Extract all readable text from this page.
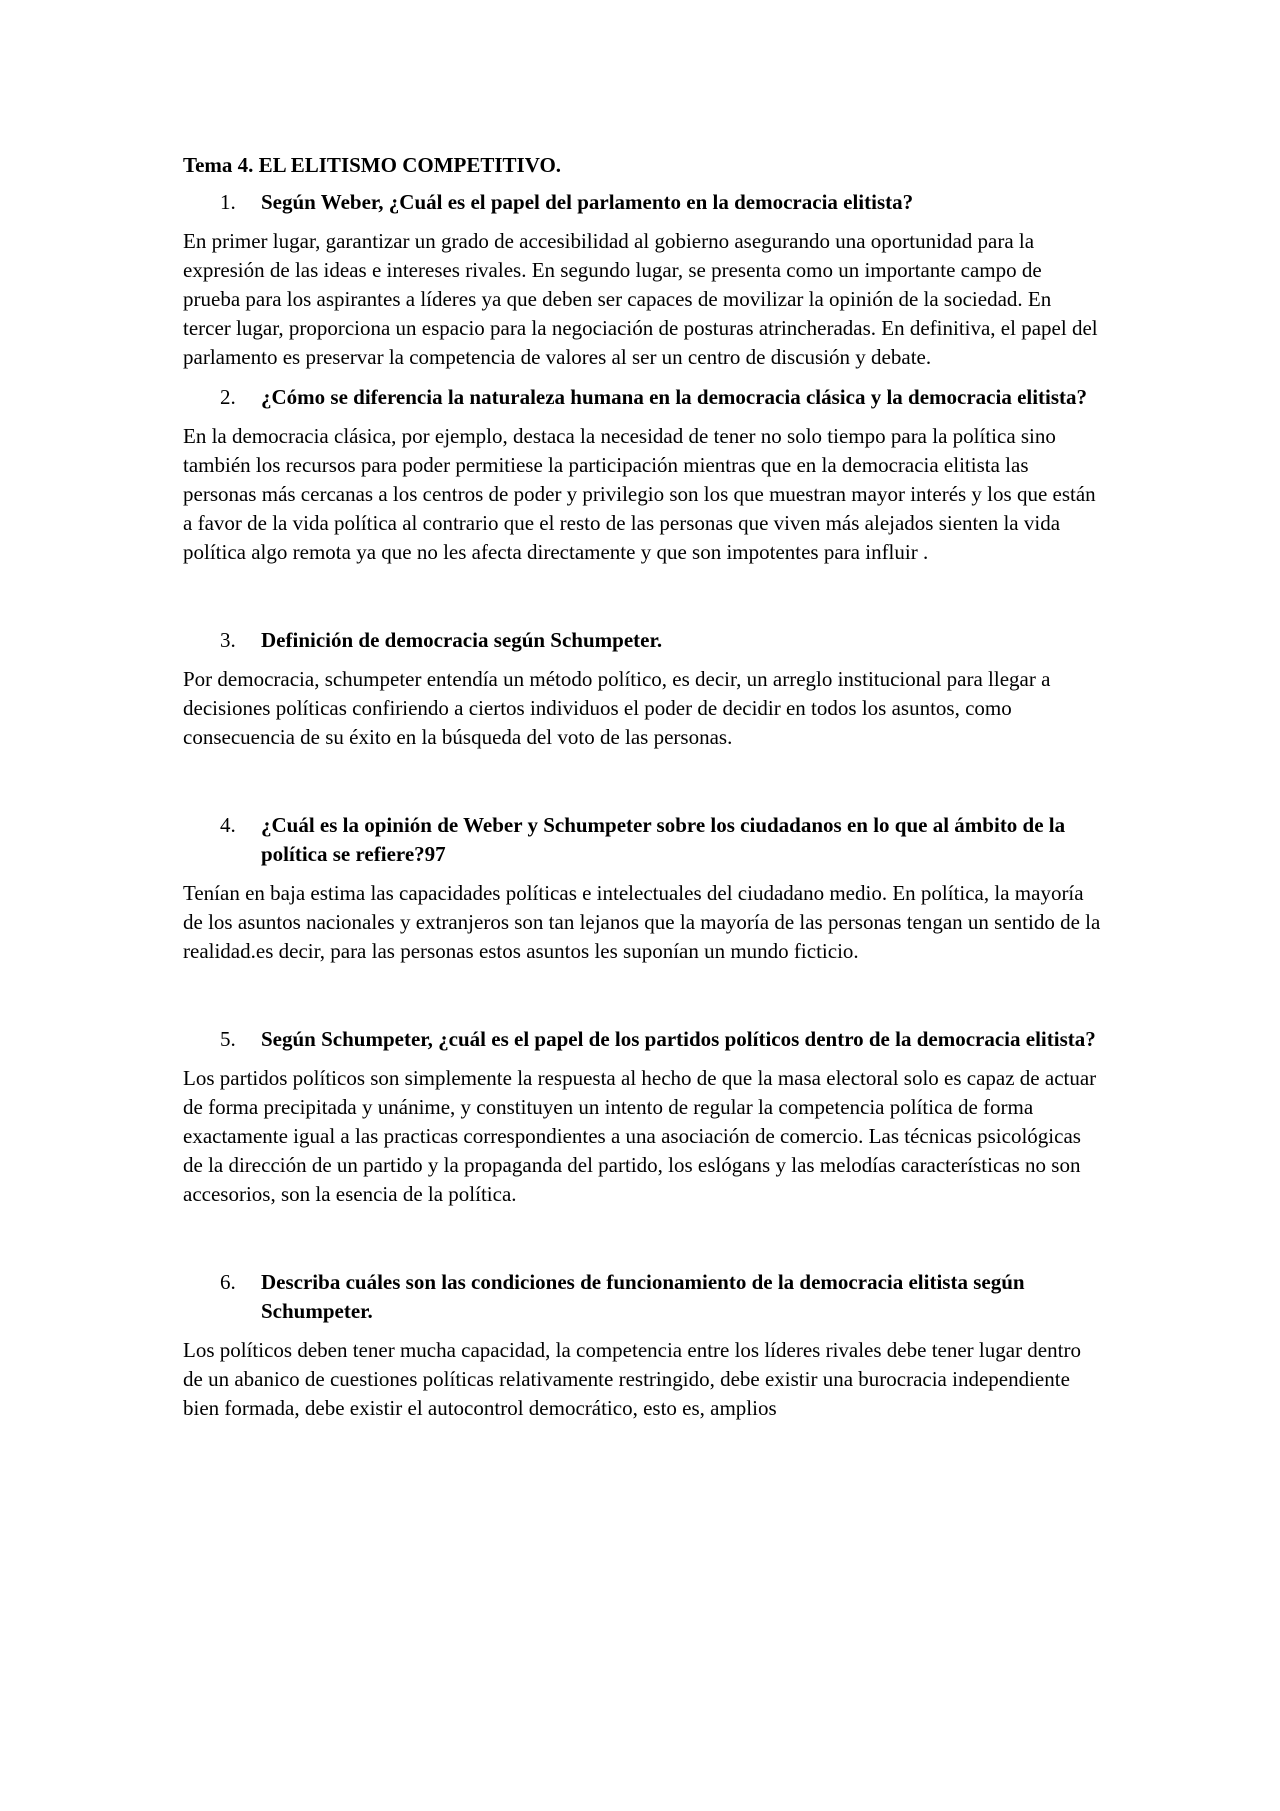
Tema 4. EL ELITISMO COMPETITIVO.
1.	Según Weber, ¿Cuál es el papel del parlamento en la democracia elitista?

En primer lugar, garantizar un grado de accesibilidad al gobierno asegurando una oportunidad para la expresión de las ideas e intereses rivales. En segundo lugar, se presenta como un importante campo de prueba para los aspirantes a líderes ya que deben ser capaces de movilizar la opinión de la sociedad. En tercer lugar, proporciona un espacio para la negociación de posturas atrincheradas. En definitiva, el papel del parlamento es preservar la competencia de valores al ser un centro de discusión y debate.

2.	¿Cómo se diferencia la naturaleza humana en la democracia clásica y la democracia elitista?

En la democracia clásica, por ejemplo, destaca la necesidad de tener no solo tiempo para la política sino también los recursos para poder permitiese la participación mientras que en la democracia elitista las personas más cercanas a los centros de poder y privilegio son los que muestran mayor interés y los que están a favor de la vida política al contrario que el resto de las personas que viven más alejados sienten la vida política algo remota ya que no les afecta directamente y que son impotentes para influir .

3.	Definición de democracia según Schumpeter.

Por democracia, schumpeter entendía un método político, es decir, un arreglo institucional para llegar a decisiones políticas confiriendo a ciertos individuos el poder de decidir en todos los asuntos, como consecuencia de su éxito en la búsqueda del voto de las personas.

4.	¿Cuál es la opinión de Weber y Schumpeter sobre los ciudadanos en lo que al ámbito de la política se refiere?97

Tenían en baja estima las capacidades políticas e intelectuales del ciudadano medio. En política, la mayoría de los asuntos nacionales y extranjeros son tan lejanos que la mayoría de las personas tengan un sentido de la realidad.es decir, para las personas estos asuntos les suponían un mundo ficticio.

5.	Según Schumpeter, ¿cuál es el papel de los partidos políticos dentro de la democracia elitista?

Los partidos políticos son simplemente la respuesta al hecho de que la masa electoral solo es capaz de actuar de forma precipitada y unánime, y constituyen un intento de regular la competencia política de forma exactamente igual a las practicas correspondientes a una asociación de comercio. Las técnicas psicológicas de la dirección de un partido y la propaganda del partido, los eslógans y las melodías características no son accesorios, son la esencia de la política.

6.	Describa cuáles son las condiciones de funcionamiento de la democracia elitista según Schumpeter.

Los políticos deben tener mucha capacidad, la competencia entre los líderes rivales debe tener lugar dentro de un abanico de cuestiones políticas relativamente restringido, debe existir una burocracia independiente bien formada, debe existir el autocontrol democrático, esto es, amplios
